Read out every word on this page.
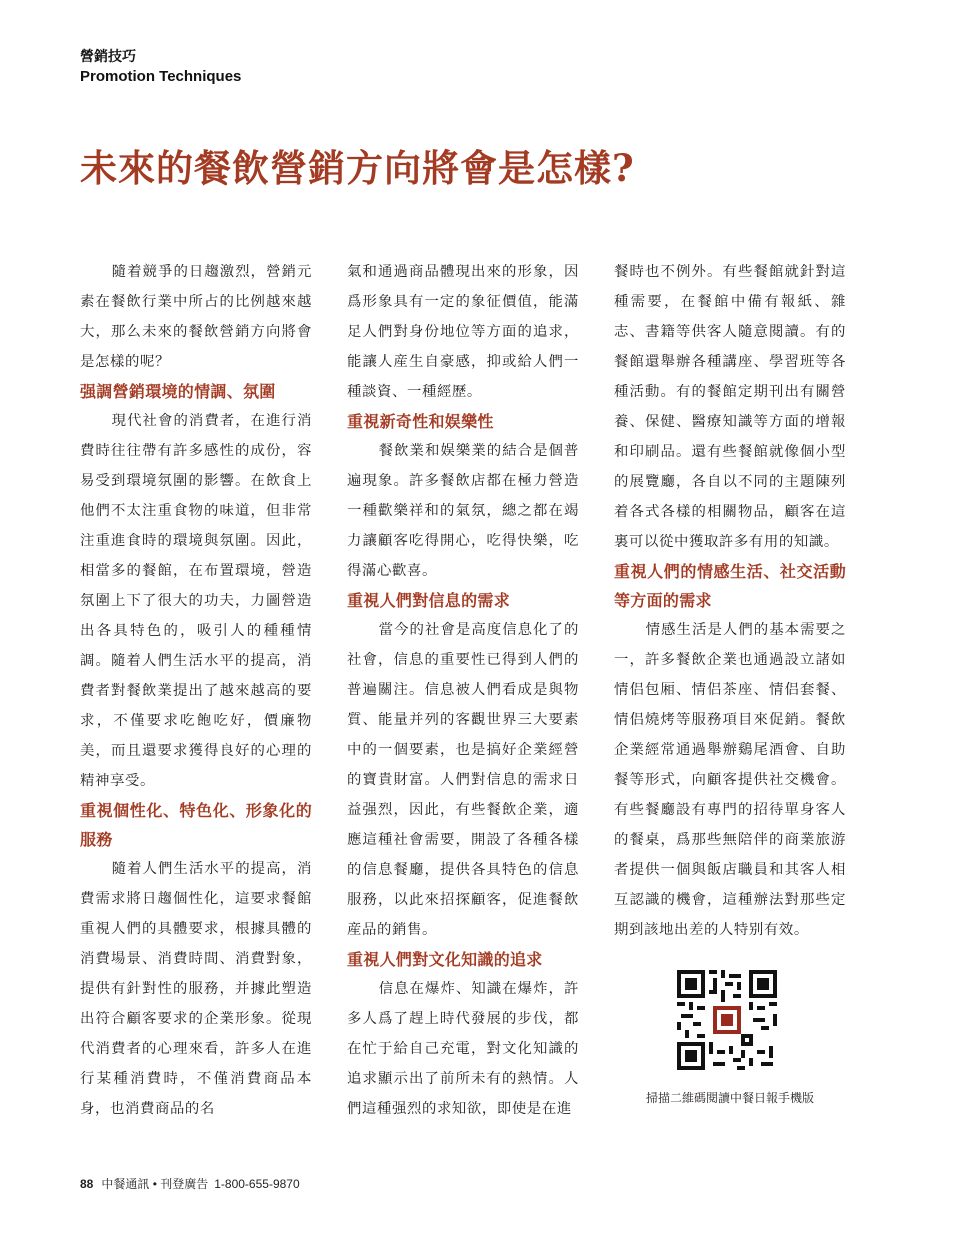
營銷技巧
Promotion Techniques
未來的餐飲營銷方向將會是怎樣?

隨着競爭的日趨激烈，營銷元素在餐飲行業中所占的比例越來越大，那么未來的餐飲營銷方向將會是怎樣的呢？

强調營銷環境的情調、氛圍

現代社會的消費者，在進行消費時往往帶有許多感性的成份，容易受到環境氛圍的影響。在飲食上他們不太注重食物的味道，但非常注重進食時的環境與氛圍。因此，相當多的餐館，在布置環境，營造氛圍上下了很大的功夫，力圖營造出各具特色的，吸引人的種種情調。隨着人們生活水平的提高，消費者對餐飲業提出了越來越高的要求，不僅要求吃飽吃好，價廉物美，而且還要求獲得良好的心理的精神享受。

重視個性化、特色化、形象化的服務

隨着人們生活水平的提高，消費需求將日趨個性化，這要求餐館重視人們的具體要求，根據具體的消費場景、消費時間、消費對象，提供有針對性的服務，并據此塑造出符合顧客要求的企業形象。從現代消費者的心理來看，許多人在進行某種消費時，不僅消費商品本身，也消費商品的名

氣和通過商品體現出來的形象，因爲形象具有一定的象征價值，能滿足人們對身份地位等方面的追求，能讓人産生自豪感，抑或給人們一種談資、一種經歷。

重視新奇性和娱樂性

餐飲業和娱樂業的結合是個普遍現象。許多餐飲店都在極力營造一種歡樂祥和的氣氛，總之都在竭力讓顧客吃得開心，吃得快樂，吃得滿心歡喜。

重視人們對信息的需求

當今的社會是高度信息化了的社會，信息的重要性已得到人們的普遍關注。信息被人們看成是與物質、能量并列的客觀世界三大要素中的一個要素，也是搞好企業經營的寶貴財富。人們對信息的需求日益强烈，因此，有些餐飲企業，適應這種社會需要，開設了各種各樣的信息餐廳，提供各具特色的信息服務，以此來招探顧客，促進餐飲産品的銷售。

重視人們對文化知識的追求

信息在爆炸、知識在爆炸，許多人爲了趕上時代發展的步伐，都在忙于給自己充電，對文化知識的追求顯示出了前所未有的熱情。人們這種强烈的求知欲，即使是在進

餐時也不例外。有些餐館就針對這種需要，在餐館中備有報紙、雜志、書籍等供客人隨意閱讀。有的餐館還舉辦各種講座、學習班等各種活動。有的餐館定期刊出有關營養、保健、醫療知識等方面的增報和印刷品。還有些餐館就像個小型的展覽廳，各自以不同的主題陳列着各式各樣的相關物品，顧客在這裏可以從中獲取許多有用的知識。

重視人們的情感生活、社交活動等方面的需求

情感生活是人們的基本需要之一，許多餐飲企業也通過設立諸如情侣包厢、情侣茶座、情侣套餐、情侣燒烤等服務項目來促銷。餐飲企業經常通過舉辦鷄尾酒會、自助餐等形式，向顧客提供社交機會。有些餐廳設有專門的招待單身客人的餐桌，爲那些無陪伴的商業旅游者提供一個與飯店職員和其客人相互認識的機會，這種辦法對那些定期到該地出差的人特别有效。

掃描二維碼閱讀中餐日報手機版
88 中餐通訊 • 刊登廣告 1-800-655-9870
